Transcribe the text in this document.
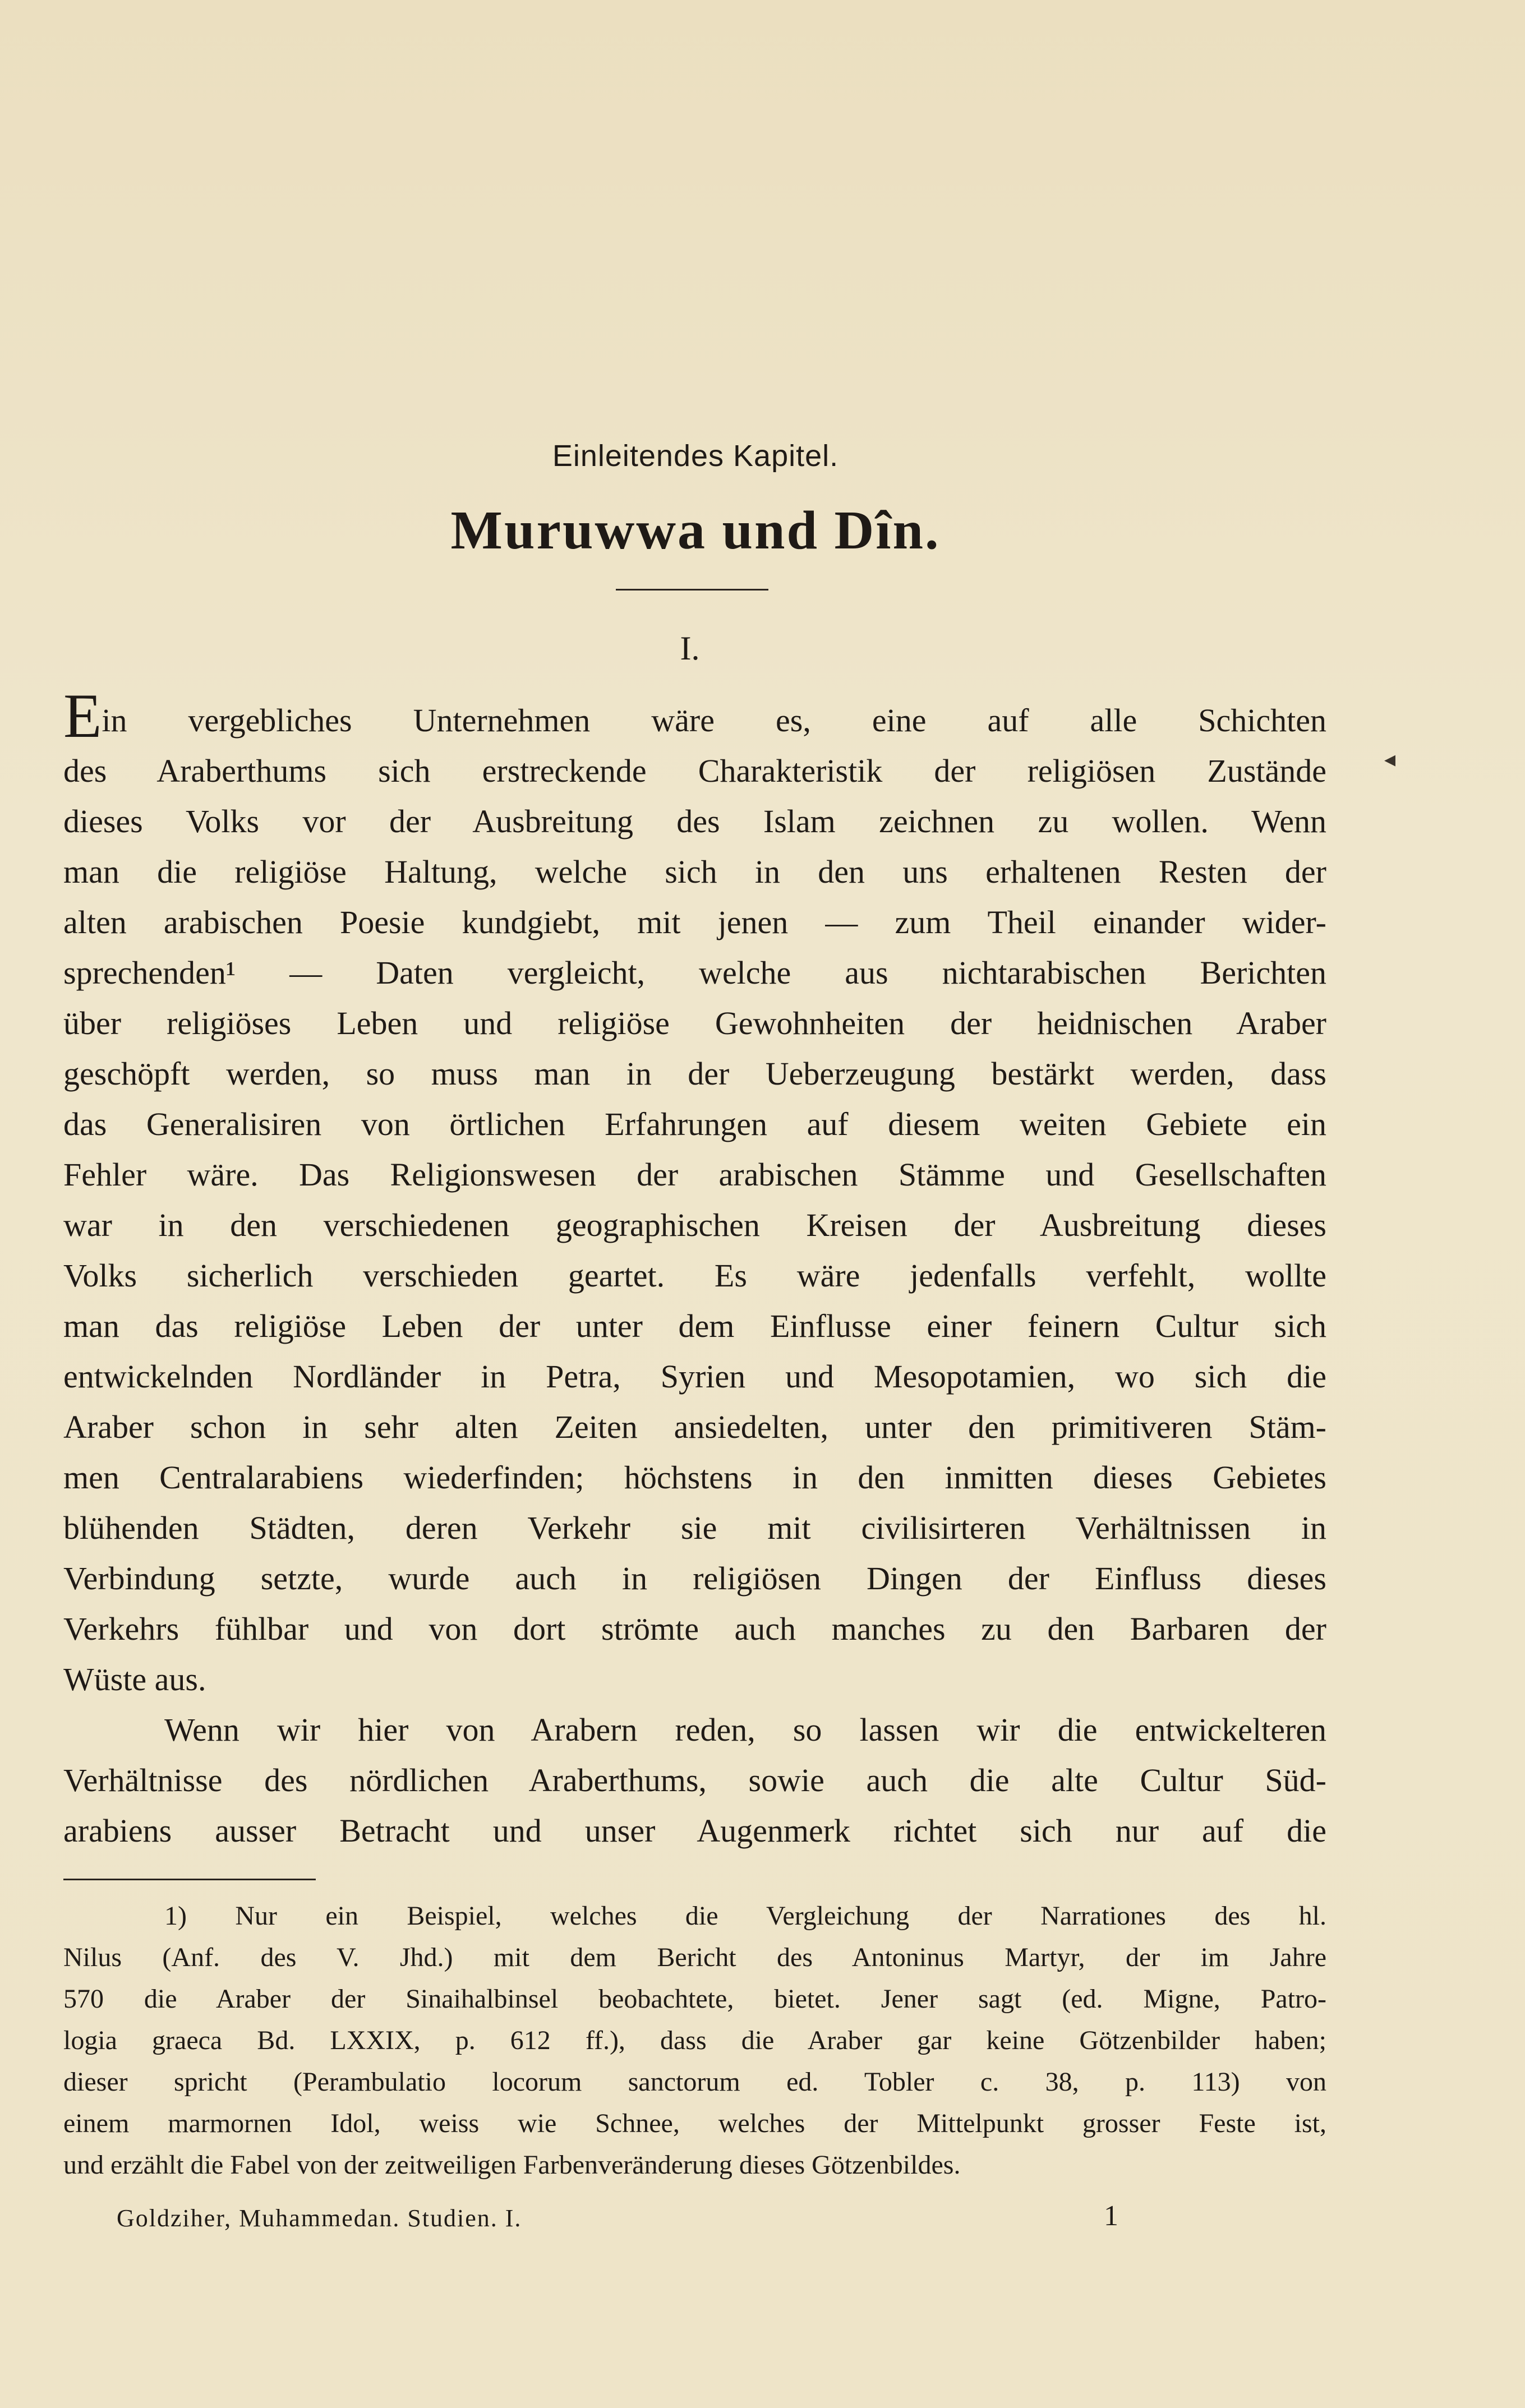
Einleitendes Kapitel.
Muruwwa und Dîn.
I.
◂
Ein vergebliches Unternehmen wäre es, eine auf alle Schichten
des Araberthums sich erstreckende Charakteristik der religiösen Zustände
dieses Volks vor der Ausbreitung des Islam zeichnen zu wollen. Wenn
man die religiöse Haltung, welche sich in den uns erhaltenen Resten der
alten arabischen Poesie kundgiebt, mit jenen — zum Theil einander wider-
sprechenden¹ — Daten vergleicht, welche aus nichtarabischen Berichten
über religiöses Leben und religiöse Gewohnheiten der heidnischen Araber
geschöpft werden, so muss man in der Ueberzeugung bestärkt werden, dass
das Generalisiren von örtlichen Erfahrungen auf diesem weiten Gebiete ein
Fehler wäre. Das Religionswesen der arabischen Stämme und Gesellschaften
war in den verschiedenen geographischen Kreisen der Ausbreitung dieses
Volks sicherlich verschieden geartet. Es wäre jedenfalls verfehlt, wollte
man das religiöse Leben der unter dem Einflusse einer feinern Cultur sich
entwickelnden Nordländer in Petra, Syrien und Mesopotamien, wo sich die
Araber schon in sehr alten Zeiten ansiedelten, unter den primitiveren Stäm-
men Centralarabiens wiederfinden; höchstens in den inmitten dieses Gebietes
blühenden Städten, deren Verkehr sie mit civilisirteren Verhältnissen in
Verbindung setzte, wurde auch in religiösen Dingen der Einfluss dieses
Verkehrs fühlbar und von dort strömte auch manches zu den Barbaren der
Wüste aus.
Wenn wir hier von Arabern reden, so lassen wir die entwickelteren
Verhältnisse des nördlichen Araberthums, sowie auch die alte Cultur Süd-
arabiens ausser Betracht und unser Augenmerk richtet sich nur auf die
1) Nur ein Beispiel, welches die Vergleichung der Narrationes des hl.
Nilus (Anf. des V. Jhd.) mit dem Bericht des Antoninus Martyr, der im Jahre
570 die Araber der Sinaihalbinsel beobachtete, bietet. Jener sagt (ed. Migne, Patro-
logia graeca Bd. LXXIX, p. 612 ff.), dass die Araber gar keine Götzenbilder haben;
dieser spricht (Perambulatio locorum sanctorum ed. Tobler c. 38, p. 113) von
einem marmornen Idol, weiss wie Schnee, welches der Mittelpunkt grosser Feste ist,
und erzählt die Fabel von der zeitweiligen Farbenveränderung dieses Götzenbildes.
Goldziher, Muhammedan. Studien. I.	1
